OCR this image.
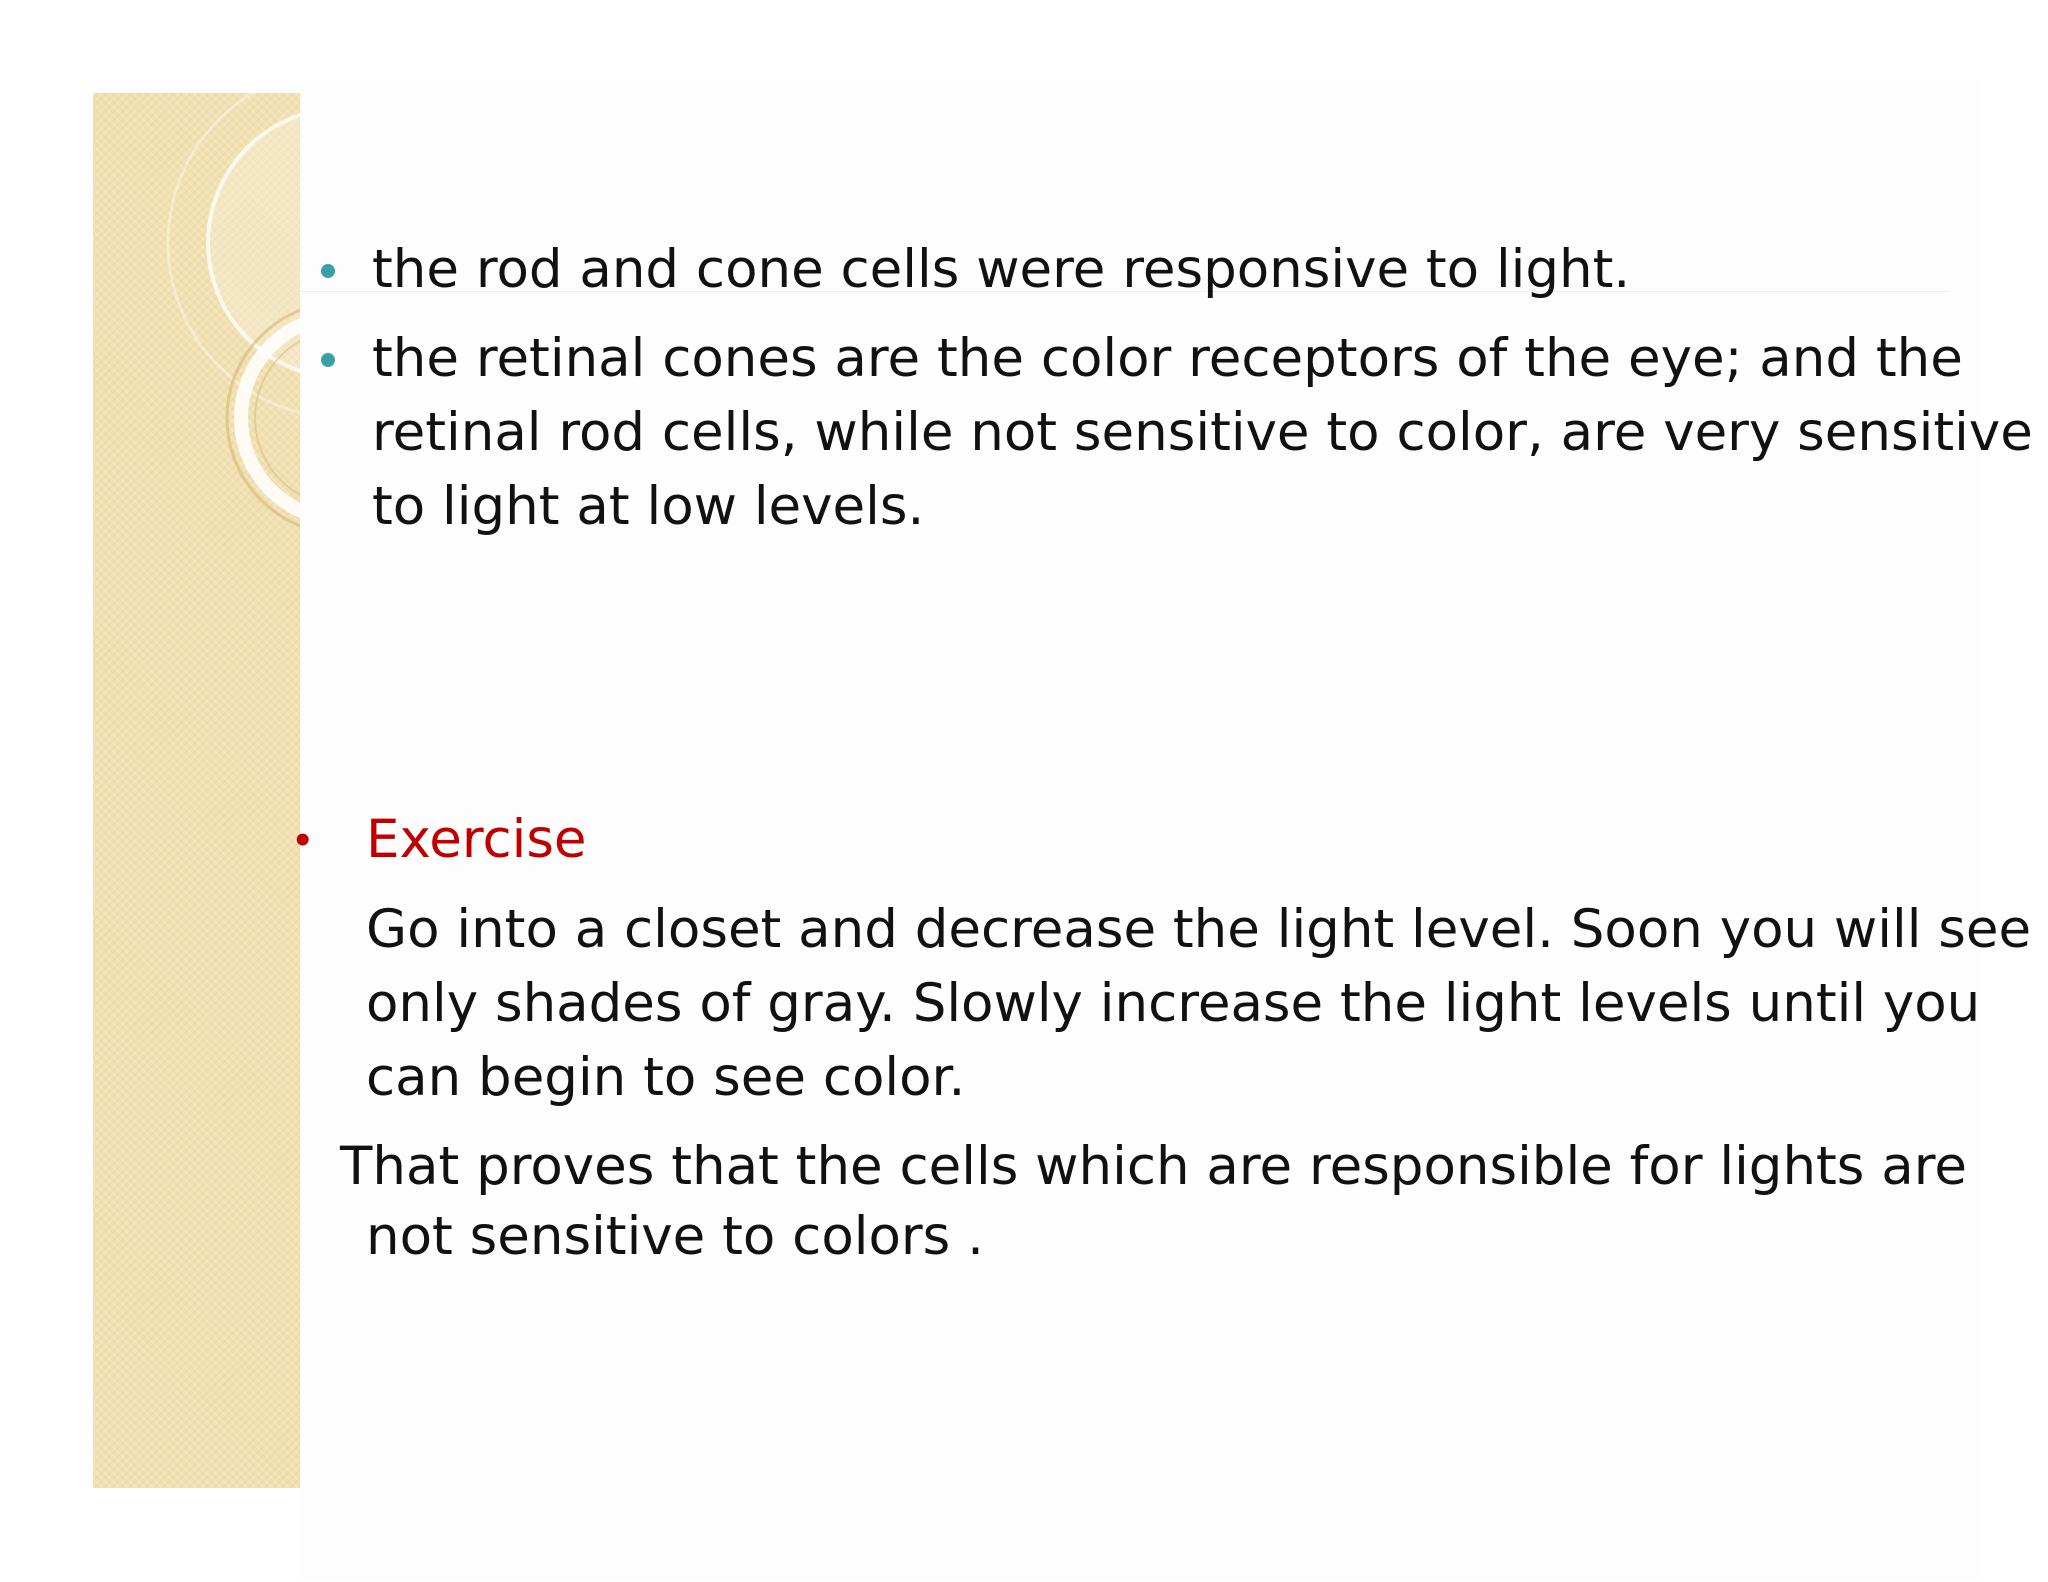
the rod and cone cells were responsive to light.
the retinal cones are the color receptors of the eye; and the
retinal rod cells, while not sensitive to color, are very sensitive
to light at low levels.
• Exercise
Go into a closet and decrease the light level. Soon you will see
only shades of gray. Slowly increase the light levels until you
can begin to see color.
That proves that the cells which are responsible for lights are
not sensitive to colors .
